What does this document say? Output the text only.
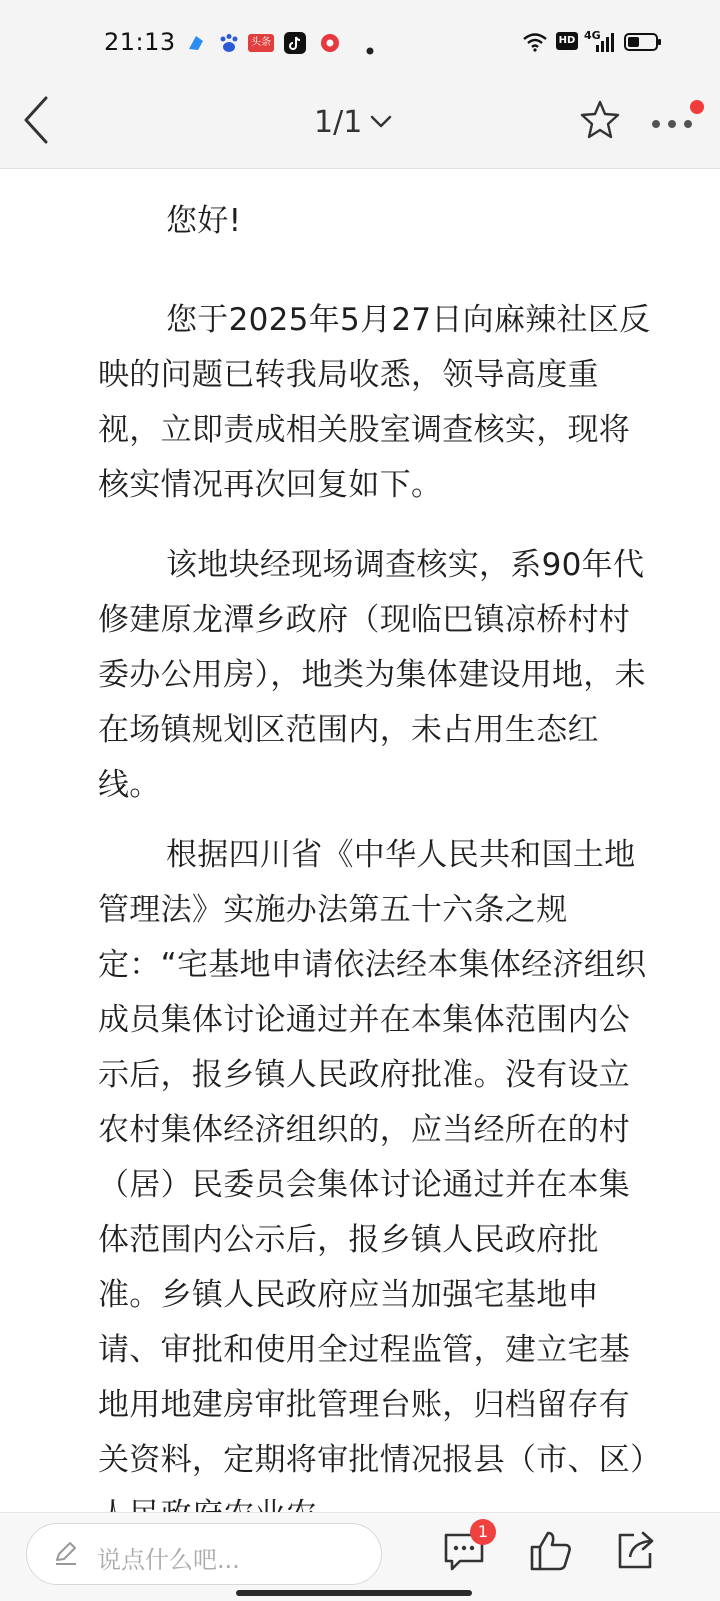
21:13	头条	HD 4G
1/1

您好!

您于2025年5月27日向麻辣社区反映的问题已转我局收悉，领导高度重视，立即责成相关股室调查核实，现将核实情况再次回复如下。

该地块经现场调查核实，系90年代修建原龙潭乡政府（现临巴镇凉桥村村委办公用房），地类为集体建设用地，未在场镇规划区范围内，未占用生态红线。

根据四川省《中华人民共和国土地管理法》实施办法第五十六条之规定：“宅基地申请依法经本集体经济组织成员集体讨论通过并在本集体范围内公示后，报乡镇人民政府批准。没有设立农村集体经济组织的，应当经所在的村（居）民委员会集体讨论通过并在本集体范围内公示后，报乡镇人民政府批准。乡镇人民政府应当加强宅基地申请、审批和使用全过程监管，建立宅基地用地建房审批管理台账，归档留存有关资料，定期将审批情况报县（市、区）

说点什么吧...
1
